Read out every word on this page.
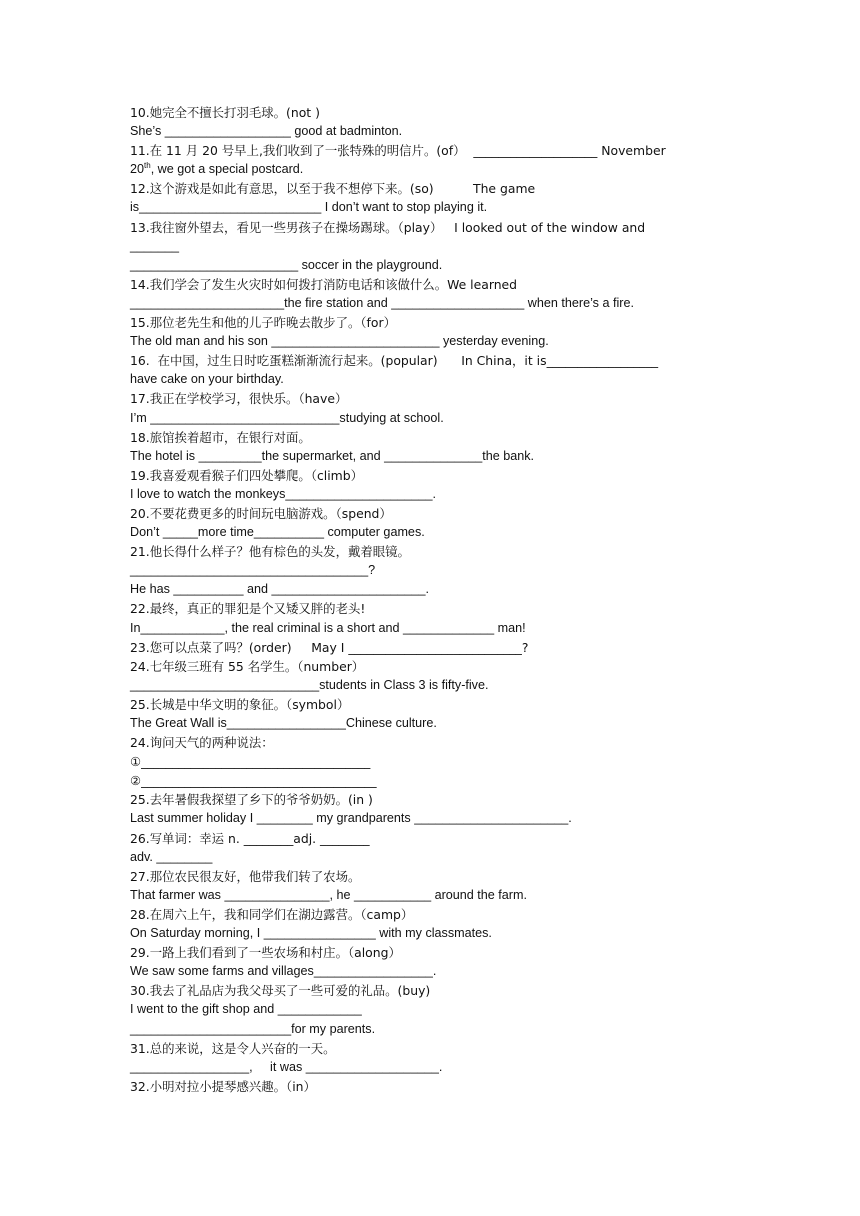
10.她完全不擅长打羽毛球。(not )
She’s __________________ good at badminton.
11.在 11 月 20 号早上,我们收到了一张特殊的明信片。(of）  ____________________ November
20th, we got a special postcard.
12.这个游戏是如此有意思，以至于我不想停下来。(so)          The game
is__________________________ I don’t want to stop playing it.
13.我往窗外望去，看见一些男孩子在操场踢球。（play）   I looked out of the window and
_______
________________________ soccer in the playground.
14.我们学会了发生火灾时如何拨打消防电话和该做什么。We learned
______________________the fire station and ___________________ when there’s a fire.
15.那位老先生和他的儿子昨晚去散步了。（for）
The old man and his son ________________________ yesterday evening.
16.  在中国，过生日时吃蛋糕渐渐流行起来。(popular)      In China，it is__________________
have cake on your birthday.
17.我正在学校学习，很快乐。（have）
I’m ___________________________studying at school.
18.旅馆挨着超市，在银行对面。
The hotel is _________the supermarket, and ______________the bank.
19.我喜爱观看猴子们四处攀爬。（climb）
I love to watch the monkeys_____________________.
20.不要花费更多的时间玩电脑游戏。（spend）
Don’t _____more time__________ computer games.
21.他长得什么样子？他有棕色的头发，戴着眼镜。
__________________________________?
He has __________ and ______________________.
22.最终，真正的罪犯是个又矮又胖的老头!
In____________, the real criminal is a short and _____________ man!
23.您可以点菜了吗？(order)     May I ____________________________?
24.七年级三班有 55 名学生。（number）
___________________________students in Class 3 is fifty-five.
25.长城是中华文明的象征。（symbol）
The Great Wall is_________________Chinese culture.
24.询问天气的两种说法：
①_____________________________________
②______________________________________
25.去年暑假我探望了乡下的爷爷奶奶。(in )
Last summer holiday I ________ my grandparents ______________________.
26.写单词：幸运 n. ________adj. ________
adv. ________
27.那位农民很友好，他带我们转了农场。
That farmer was _______________, he ___________ around the farm.
28.在周六上午，我和同学们在湖边露营。（camp）
On Saturday morning, I ________________ with my classmates.
29.一路上我们看到了一些农场和村庄。（along）
We saw some farms and villages_________________.
30.我去了礼品店为我父母买了一些可爱的礼品。(buy)
I went to the gift shop and ____________
_______________________for my parents.
31.总的来说，这是令人兴奋的一天。
_________________,     it was ___________________.
32.小明对拉小提琴感兴趣。（in）
